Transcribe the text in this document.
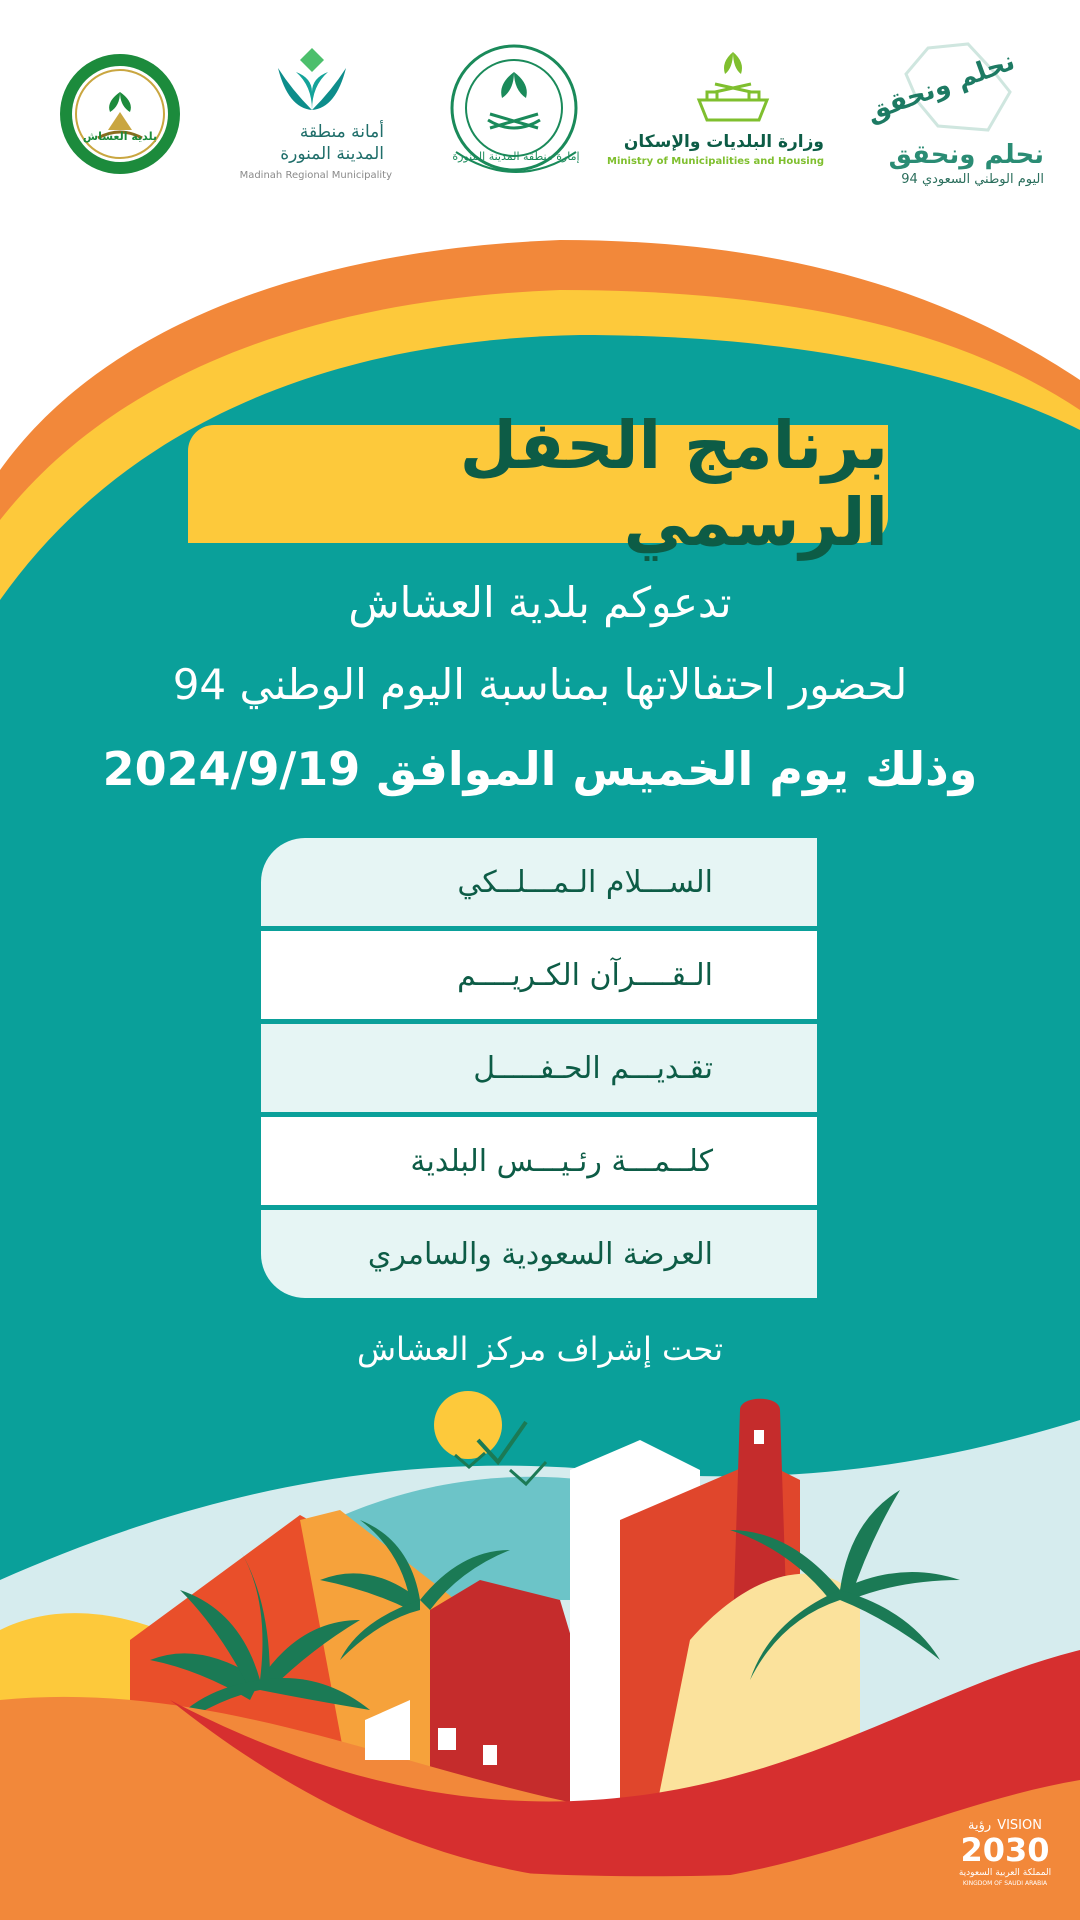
بلدية العشاش	أمانة منطقة
المدينة المنورة
Madinah Regional Municipality
إمارة منطقة المدينة المنورة
وزارة البلديات والإسكان
Ministry of Municipalities and Housing
نحلم ونحقق
نحلم ونحقق
اليوم الوطني السعودي 94
برنامج الحفل الرسمي
تدعوكم بلدية العشاش
لحضور احتفالاتها بمناسبة اليوم الوطني 94
وذلك يوم الخميس الموافق 2024/9/19
الســـلام الـمـــلــكي
الـقــــرآن الكـريــــم
تقـديـــم الحـفـــــل
كلــمـــة رئـيـــس البلدية
العرضة السعودية والسامري
تحت إشراف مركز العشاش
VISION
رؤية
2030
المملكة العربية السعودية
KINGDOM OF SAUDI ARABIA
